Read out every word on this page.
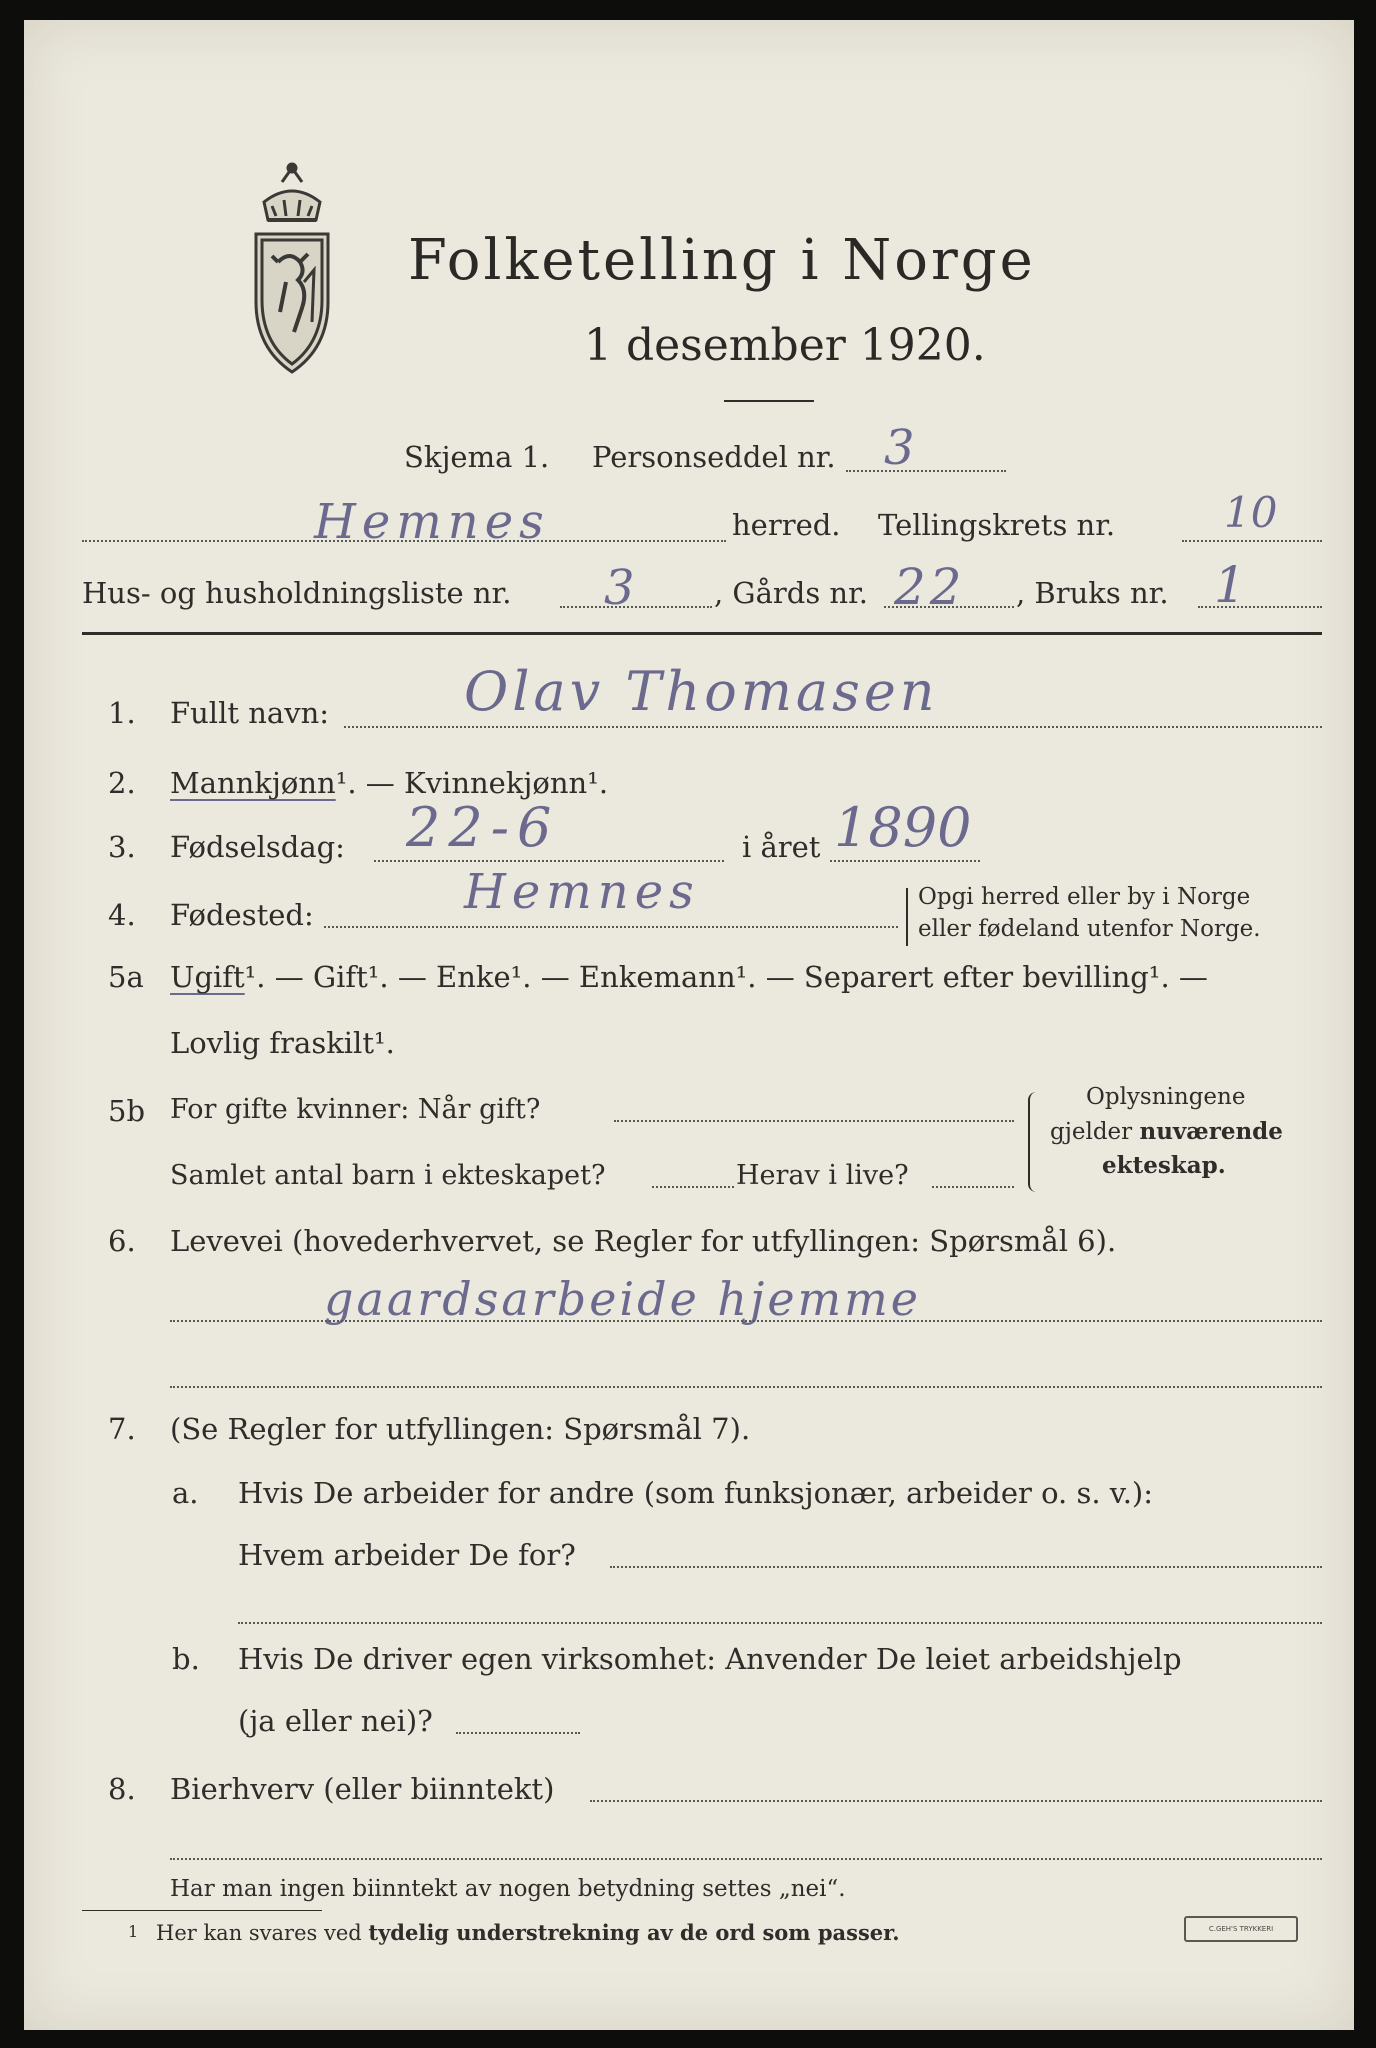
Folketelling i Norge
1 desember 1920.
Skjema 1. Personseddel nr. 3
Hemnes	herred. Tellingskrets nr.	10
Hus- og husholdningsliste nr. 3	, Gårds nr. 22 , Bruks nr. 1
1. Fullt navn: Olav Thomasen
2. Mannkjønn¹. — Kvinnekjønn¹.
3. Fødselsdag: 22-6	i året 1890
4. Fødested:	Hemnes	Opgi herred eller by i Norge
eller fødeland utenfor Norge.
5a Ugift¹. — Gift¹. — Enke¹. — Enkemann¹. — Separert efter bevilling¹. —
Lovlig fraskilt¹.
5b For gifte kvinner: Når gift?
Samlet antal barn i ekteskapet?	Herav i live?
Oplysningene
gjelder nuværende
ekteskap.
6. Levevei (hovederhvervet, se Regler for utfyllingen: Spørsmål 6).
gaardsarbeide hjemme
7. (Se Regler for utfyllingen: Spørsmål 7).
a. Hvis De arbeider for andre (som funksjonær, arbeider o. s. v.):
Hvem arbeider De for?
b. Hvis De driver egen virksomhet: Anvender De leiet arbeidshjelp
(ja eller nei)?
8. Bierhverv (eller biinntekt)
Har man ingen biinntekt av nogen betydning settes „nei“.
1 Her kan svares ved tydelig understrekning av de ord som passer.	C.GEH'S TRYKKERI
